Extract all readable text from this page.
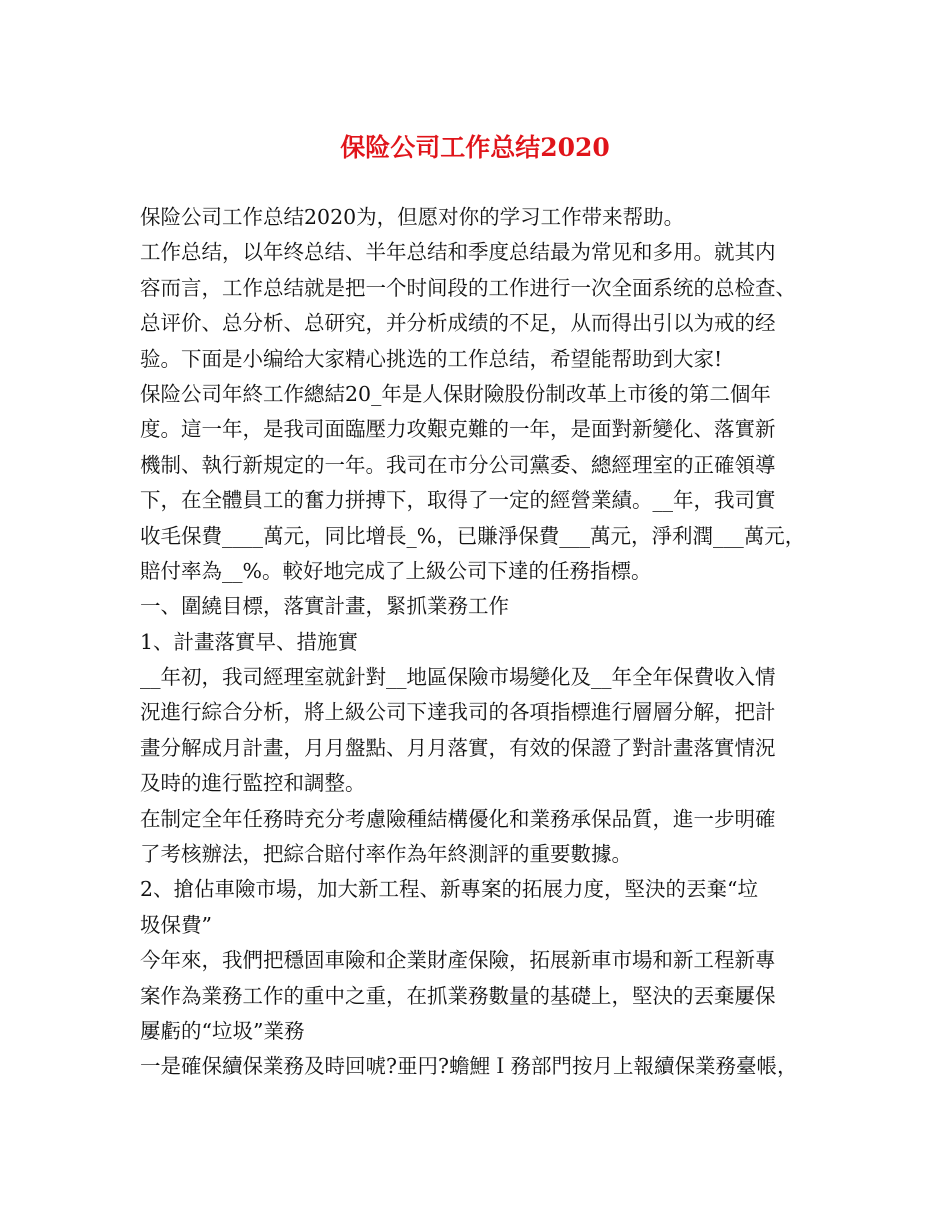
保险公司工作总结2020
保险公司工作总结2020为，但愿对你的学习工作带来帮助。
工作总结，以年终总结、半年总结和季度总结最为常见和多用。就其内
容而言，工作总结就是把一个时间段的工作进行一次全面系统的总检查、
总评价、总分析、总研究，并分析成绩的不足，从而得出引以为戒的经
验。下面是小编给大家精心挑选的工作总结，希望能帮助到大家!
保险公司年終工作總結20_年是人保財險股份制改革上市後的第二個年
度。這一年，是我司面臨壓力攻艱克難的一年，是面對新變化、落實新
機制、執行新規定的一年。我司在市分公司黨委、總經理室的正確領導
下，在全體員工的奮力拼搏下，取得了一定的經營業績。__年，我司實
收毛保費____萬元，同比增長_%，已賺淨保費___萬元，淨利潤___萬元，
賠付率為__%。較好地完成了上級公司下達的任務指標。
一、圍繞目標，落實計畫，緊抓業務工作
1、計畫落實早、措施實
__年初，我司經理室就針對__地區保險市場變化及__年全年保費收入情
況進行綜合分析，將上級公司下達我司的各項指標進行層層分解，把計
畫分解成月計畫，月月盤點、月月落實，有效的保證了對計畫落實情況
及時的進行監控和調整。
在制定全年任務時充分考慮險種結構優化和業務承保品質，進一步明確
了考核辦法，把綜合賠付率作為年終測評的重要數據。
2、搶佔車險市場，加大新工程、新專案的拓展力度，堅決的丟棄“垃
圾保費”
今年來，我們把穩固車險和企業財產保險，拓展新車市場和新工程新專
案作為業務工作的重中之重，在抓業務數量的基礎上，堅決的丟棄屢保
屢虧的“垃圾”業務
一是確保續保業務及時回唬?亜円?蟾鯉Ｉ務部門按月上報續保業務臺帳，
